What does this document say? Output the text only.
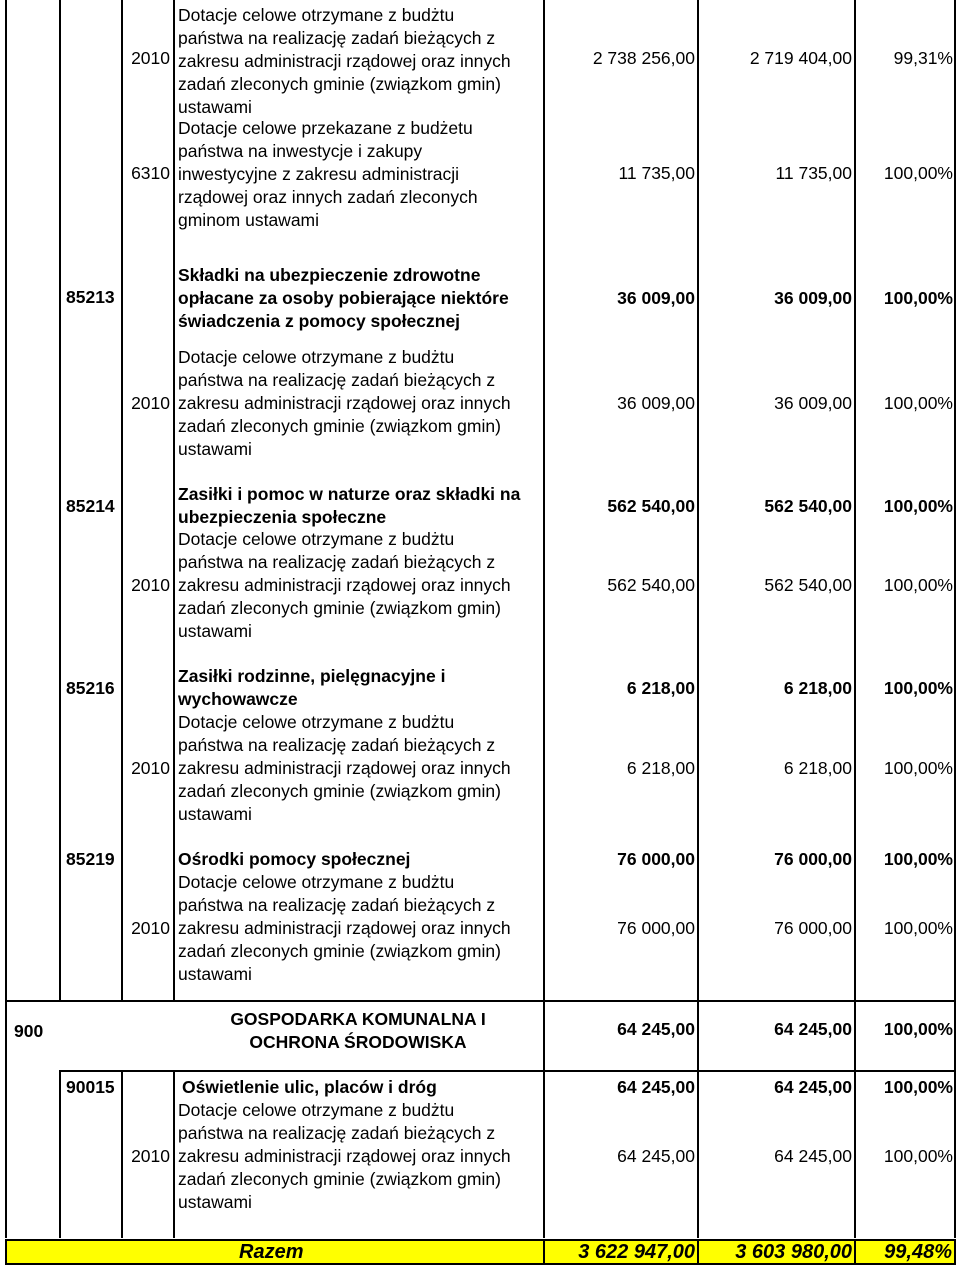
2010
Dotacje celowe otrzymane z budżtu
państwa na realizację zadań bieżących z
zakresu administracji rządowej oraz innych
zadań zleconych gminie (związkom gmin)
ustawami
2 738 256,00	2 719 404,00	99,31%
6310
Dotacje celowe przekazane z budżetu
państwa na inwestycje i zakupy
inwestycyjne z zakresu administracji
rządowej oraz innych zadań zleconych
gminom ustawami
11 735,00	11 735,00	100,00%
85213
Składki na ubezpieczenie zdrowotne
opłacane za osoby pobierające niektóre
świadczenia z pomocy społecznej
36 009,00	36 009,00	100,00%
2010
Dotacje celowe otrzymane z budżtu
państwa na realizację zadań bieżących z
zakresu administracji rządowej oraz innych
zadań zleconych gminie (związkom gmin)
ustawami
36 009,00	36 009,00	100,00%
85214
Zasiłki i pomoc w naturze oraz składki na
ubezpieczenia społeczne
562 540,00	562 540,00	100,00%
2010
Dotacje celowe otrzymane z budżtu
państwa na realizację zadań bieżących z
zakresu administracji rządowej oraz innych
zadań zleconych gminie (związkom gmin)
ustawami
562 540,00	562 540,00	100,00%
85216
Zasiłki rodzinne, pielęgnacyjne i
wychowawcze
6 218,00	6 218,00	100,00%
2010
Dotacje celowe otrzymane z budżtu
państwa na realizację zadań bieżących z
zakresu administracji rządowej oraz innych
zadań zleconych gminie (związkom gmin)
ustawami
6 218,00	6 218,00	100,00%
85219	Ośrodki pomocy społecznej	76 000,00	76 000,00	100,00%
2010
Dotacje celowe otrzymane z budżtu
państwa na realizację zadań bieżących z
zakresu administracji rządowej oraz innych
zadań zleconych gminie (związkom gmin)
ustawami
76 000,00	76 000,00	100,00%
900
GOSPODARKA KOMUNALNA I
OCHRONA ŚRODOWISKA
64 245,00	64 245,00	100,00%
90015	Oświetlenie ulic, placów i dróg	64 245,00	64 245,00	100,00%
2010
Dotacje celowe otrzymane z budżtu
państwa na realizację zadań bieżących z
zakresu administracji rządowej oraz innych
zadań zleconych gminie (związkom gmin)
ustawami
64 245,00	64 245,00	100,00%
Razem	3 622 947,00	3 603 980,00	99,48%
